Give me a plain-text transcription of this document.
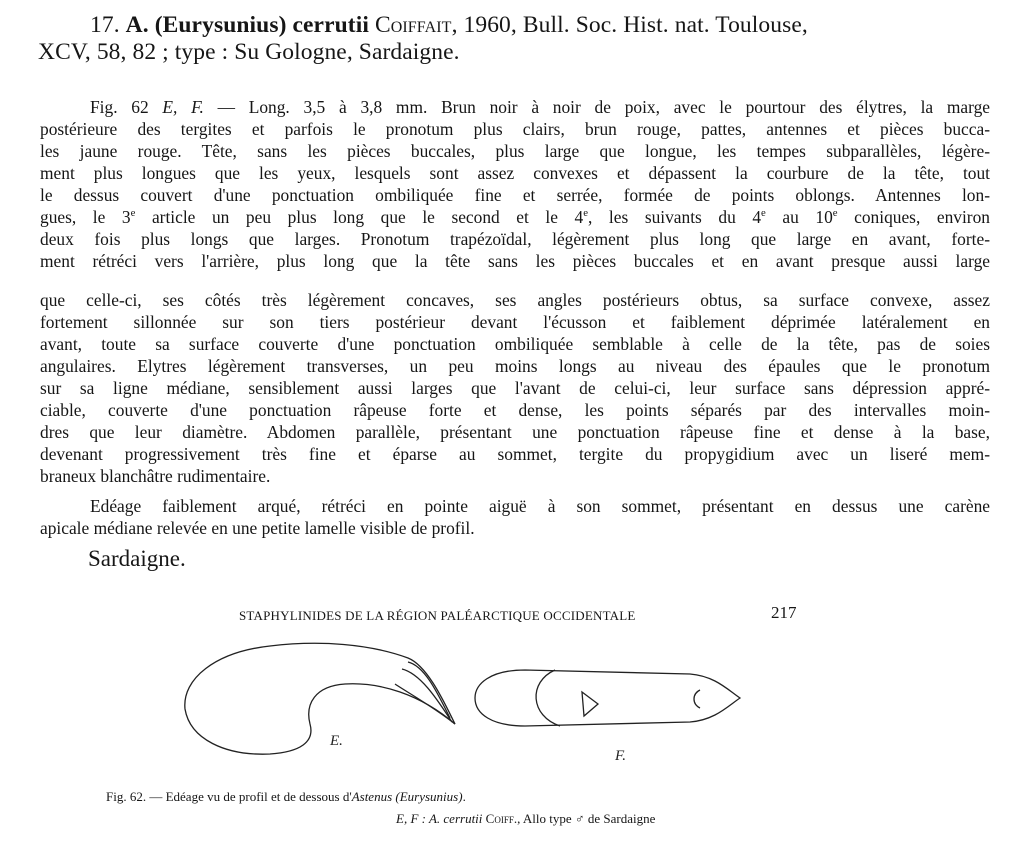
17. A. (Eurysunius) cerrutii Coiffait, 1960, Bull. Soc. Hist. nat. Toulouse,
XCV, 58, 82 ; type : Su Gologne, Sardaigne.
Fig. 62 E, F. — Long. 3,5 à 3,8 mm. Brun noir à noir de poix, avec le pourtour des élytres, la marge
postérieure des tergites et parfois le pronotum plus clairs, brun rouge, pattes, antennes et pièces bucca-
les jaune rouge. Tête, sans les pièces buccales, plus large que longue, les tempes subparallèles, légère-
ment plus longues que les yeux, lesquels sont assez convexes et dépassent la courbure de la tête, tout
le dessus couvert d'une ponctuation ombiliquée fine et serrée, formée de points oblongs. Antennes lon-
gues, le 3e article un peu plus long que le second et le 4e, les suivants du 4e au 10e coniques, environ
deux fois plus longs que larges. Pronotum trapézoïdal, légèrement plus long que large en avant, forte-
ment rétréci vers l'arrière, plus long que la tête sans les pièces buccales et en avant presque aussi large
que celle-ci, ses côtés très légèrement concaves, ses angles postérieurs obtus, sa surface convexe, assez
fortement sillonnée sur son tiers postérieur devant l'écusson et faiblement déprimée latéralement en
avant, toute sa surface couverte d'une ponctuation ombiliquée semblable à celle de la tête, pas de soies
angulaires. Elytres légèrement transverses, un peu moins longs au niveau des épaules que le pronotum
sur sa ligne médiane, sensiblement aussi larges que l'avant de celui-ci, leur surface sans dépression appré-
ciable, couverte d'une ponctuation râpeuse forte et dense, les points séparés par des intervalles moin-
dres que leur diamètre. Abdomen parallèle, présentant une ponctuation râpeuse fine et dense à la base,
devenant progressivement très fine et éparse au sommet, tergite du propygidium avec un liseré mem-
braneux blanchâtre rudimentaire.
Edéage faiblement arqué, rétréci en pointe aiguë à son sommet, présentant en dessus une carène
apicale médiane relevée en une petite lamelle visible de profil.
Sardaigne.
STAPHYLINIDES DE LA RÉGION PALÉARCTIQUE OCCIDENTALE	217
E.
F.
Fig. 62. — Edéage vu de profil et de dessous d'Astenus (Eurysunius).
E, F : A. cerrutii Coiff., Allo type ♂ de Sardaigne
